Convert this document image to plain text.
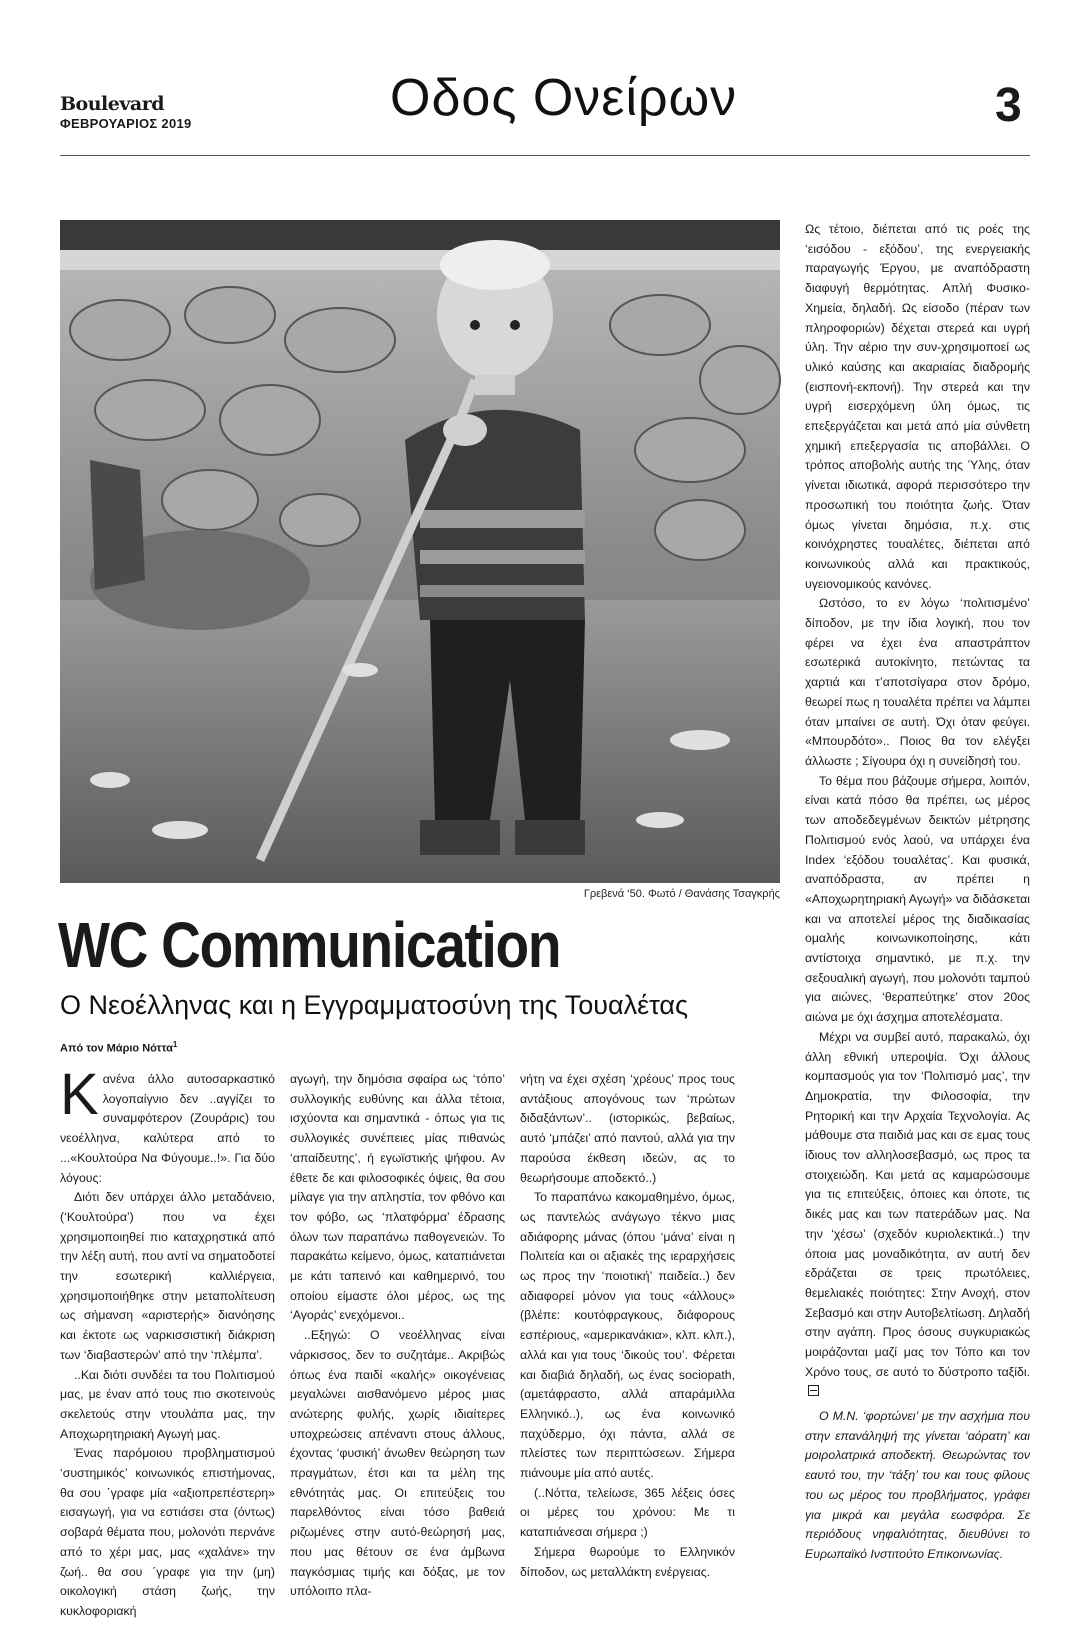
Boulevard
ΦΕΒΡΟΥΑΡΙΟΣ 2019	Οδος Ονείρων	3
Γρεβενά ‘50. Φωτό / Θανάσης Τσαγκρής
WC Communication
Ο Νεοέλληνας και η Εγγραμματοσύνη της Τουαλέτας
Από τον Μάριο Νόττα$^1$

Κανένα άλλο αυτοσαρκαστικό λογοπαίγνιο δεν ..αγγίζει το συναμφότερον (Ζουράρις) του νεοέλληνα, καλύτερα από το ...«Κουλτούρα Να Φύγουμε..!». Για δύο λόγους:

Διότι δεν υπάρχει άλλο μεταδάνειο, (‘Κουλτούρα’) που να έχει χρησιμοποιηθεί πιο καταχρηστικά από την λέξη αυτή, που αντί να σηματοδοτεί την εσωτερική καλλιέργεια, χρησιμοποιήθηκε στην μεταπολίτευση ως σήμανση «αριστερής» διανόησης και έκτοτε ως ναρκισσιστική διάκριση των ‘διαβαστερών’ από την ‘πλέμπα’.

..Και διότι συνδέει τα του Πολιτισμού μας, με έναν από τους πιο σκοτεινούς σκελετούς στην ντουλάπα μας, την Αποχωρητηριακή Αγωγή μας.

Ένας παρόμοιου προβληματισμού ‘συστημικός’ κοινωνικός επιστήμονας, θα σου ΄γραφε μία «αξιοπρεπέστερη» εισαγωγή, για να εστιάσει στα (όντως) σοβαρά θέματα που, μολονότι περνάνε από το χέρι μας, μας «χαλάνε» την ζωή.. θα σου ΄γραφε για την (μη) οικολογική στάση ζωής, την κυκλοφοριακή

αγωγή, την δημόσια σφαίρα ως ‘τόπο’ συλλογικής ευθύνης και άλλα τέτοια, ισχύοντα και σημαντικά - όπως για τις συλλογικές συνέπειες μίας πιθανώς ‘απαίδευτης’, ή εγωϊστικής ψήφου. Αν έθετε δε και φιλοσοφικές όψεις, θα σου μίλαγε για την απληστία, τον φθόνο και τον φόβο, ως ‘πλατφόρμα’ έδρασης όλων των παραπάνω παθογενειών. Το παρακάτω κείμενο, όμως, καταπιάνεται με κάτι ταπεινό και καθημερινό, του οποίου είμαστε όλοι μέρος, ως της ‘Αγοράς’ ενεχόμενοι..

..Εξηγώ: Ο νεοέλληνας είναι νάρκισσος, δεν το συζητάμε.. Ακριβώς όπως ένα παιδί «καλής» οικογένειας μεγαλώνει αισθανόμενο μέρος μιας ανώτερης φυλής, χωρίς ιδιαίτερες υποχρεώσεις απέναντι στους άλλους, έχοντας ‘φυσική’ άνωθεν θεώρηση των πραγμάτων, έτσι και τα μέλη της εθνότητάς μας. Οι επιτεύξεις του παρελθόντος είναι τόσο βαθειά ριζωμένες στην αυτό-θεώρησή μας, που μας θέτουν σε ένα άμβωνα παγκόσμιας τιμής και δόξας, με τον υπόλοιπο πλα-

νήτη να έχει σχέση ‘χρέους’ προς τους αντάξιους απογόνους των ‘πρώτων διδαξάντων’.. (ιστορικώς, βεβαίως, αυτό ‘μπάζει’ από παντού, αλλά για την παρούσα έκθεση ιδεών, ας το θεωρήσουμε αποδεκτό..)

Το παραπάνω κακομαθημένο, όμως, ως παντελώς ανάγωγο τέκνο μιας αδιάφορης μάνας (όπου ‘μάνα’ είναι η Πολιτεία και οι αξιακές της ιεραρχήσεις ως προς την ‘ποιοτική’ παιδεία..) δεν αδιαφορεί μόνον για τους «άλλους» (βλέπε: κουτόφραγκους, διάφορους εσπέριους, «αμερικανάκια», κλπ. κλπ.), αλλά και για τους ‘δικούς του’. Φέρεται και διαβιά δηλαδή, ως ένας sociopath, (αμετάφραστο, αλλά απαράμιλλα Ελληνικό..), ως ένα κοινωνικό παχύδερμο, όχι πάντα, αλλά σε πλείστες των περιπτώσεων. Σήμερα πιάνουμε μία από αυτές.

(..Νόττα, τελείωσε, 365 λέξεις όσες οι μέρες του χρόνου: Με τι καταπιάνεσαι σήμερα ;)

Σήμερα θωρούμε το Ελληνικόν δίποδον, ως μεταλλάκτη ενέργειας.

Ως τέτοιο, διέπεται από τις ροές της ‘εισόδου - εξόδου’, της ενεργειακής παραγωγής Έργου, με αναπόδραστη διαφυγή θερμότητας. Απλή Φυσικο-Χημεία, δηλαδή. Ως είσοδο (πέραν των πληροφοριών) δέχεται στερεά και υγρή ύλη. Την αέριο την συν-χρησιμοποεί ως υλικό καύσης και ακαριαίας διαδρομής (εισπονή-εκπονή). Την στερεά και την υγρή εισερχόμενη ύλη όμως, τις επεξεργάζεται και μετά από μία σύνθετη χημική επεξεργασία τις αποβάλλει. Ο τρόπος αποβολής αυτής της Ύλης, όταν γίνεται ιδιωτικά, αφορά περισσότερο την προσωπική του ποιότητα ζωής. Όταν όμως γίνεται δημόσια, π.χ. στις κοινόχρηστες τουαλέτες, διέπεται από κοινωνικούς αλλά και πρακτικούς, υγειονομικούς κανόνες.

Ωστόσο, το εν λόγω ‘πολιτισμένο’ δίποδον, με την ίδια λογική, που τον φέρει να έχει ένα απαστράπτον εσωτερικά αυτοκίνητο, πετώντας τα χαρτιά και τ’αποτσίγαρα στον δρόμο, θεωρεί πως η τουαλέτα πρέπει να λάμπει όταν μπαίνει σε αυτή. Όχι όταν φεύγει. «Μπουρδότο».. Ποιος θα τον ελέγξει άλλωστε ; Σίγουρα όχι η συνείδησή του.

Το θέμα που βάζουμε σήμερα, λοιπόν, είναι κατά πόσο θα πρέπει, ως μέρος των αποδεδεγμένων δεικτών μέτρησης Πολιτισμού ενός λαού, να υπάρχει ένα Index ‘εξόδου τουαλέτας’. Και φυσικά, αναπόδραστα, αν πρέπει η «Αποχωρητηριακή Αγωγή» να διδάσκεται και να αποτελεί μέρος της διαδικασίας ομαλής κοινωνικοποίησης, κάτι αντίστοιχα σημαντικό, με π.χ. την σεξουαλική αγωγή, που μολονότι ταμπού για αιώνες, ‘θεραπεύτηκε’ στον 20ος αιώνα με όχι άσχημα αποτελέσματα.

Μέχρι να συμβεί αυτό, παρακαλώ, όχι άλλη εθνική υπεροψία. Όχι άλλους κομπασμούς για τον ‘Πολιτισμό μας’, την Δημοκρατία, την Φιλοσοφία, την Ρητορική και την Αρχαία Τεχνολογία. Ας μάθουμε στα παιδιά μας και σε εμας τους ίδιους τον αλληλοσεβασμό, ως προς τα στοιχειώδη. Και μετά ας καμαρώσουμε για τις επιτεύξεις, όποιες και όποτε, τις δικές μας και των πατεράδων μας. Να την ‘χέσω’ (σχεδόν κυριολεκτικά..) την όποια μας μοναδικότητα, αν αυτή δεν εδράζεται σε τρεις πρωτόλειες, θεμελιακές ποιότητες: Στην Ανοχή, στον Σεβασμό και στην Αυτοβελτίωση. Δηλαδή στην αγάπη. Προς όσους συγκυριακώς μοιράζονται μαζί μας τον Τόπο και τον Χρόνο τους, σε αυτό το δύστροπο ταξίδι.

Ο Μ.Ν. ‘φορτώνει’ με την ασχήμια που στην επανάληψή της γίνεται ‘αόρατη’ και μοιρολατρικά αποδεκτή. Θεωρώντας τον εαυτό του, την ‘τάξη’ του και τους φίλους του ως μέρος του προβλήματος, γράφει για μικρά και μεγάλα εωσφόρα. Σε περιόδους νηφαλιότητας, διευθύνει το Ευρωπαϊκό Ινστιτούτο Επικοινωνίας.
